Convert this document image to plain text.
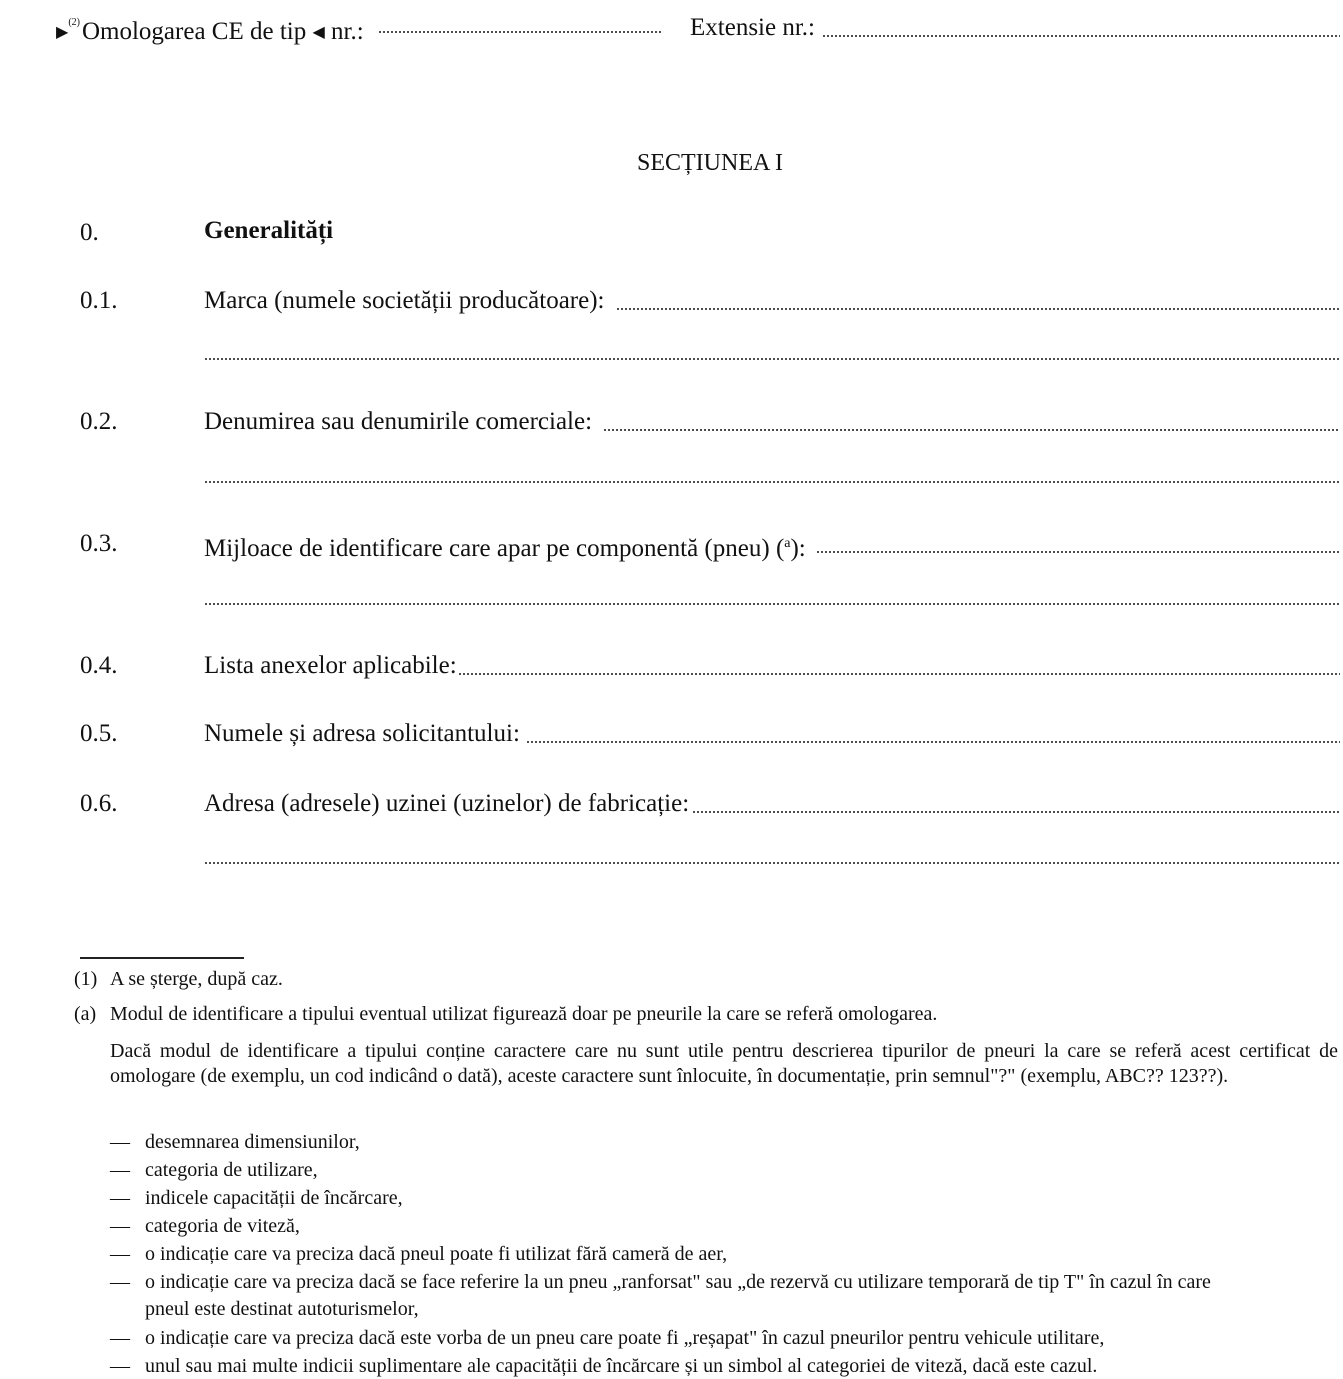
▶$^{(2)}$Omologarea CE de tip ◀ nr.:	Extensie nr.:
SECȚIUNEA I
0.	Generalități
0.1.	Marca (numele societății producătoare):
0.2.	Denumirea sau denumirile comerciale:
0.3.	Mijloace de identificare care apar pe componentă (pneu) ($^a$):
0.4.	Lista anexelor aplicabile:
0.5.	Numele și adresa solicitantului:
0.6.	Adresa (adresele) uzinei (uzinelor) de fabricație:
(1) A se șterge, după caz.
(a) Modul de identificare a tipului eventual utilizat figurează doar pe pneurile la care se referă omologarea.
Dacă modul de identificare a tipului conține caractere care nu sunt utile pentru descrierea tipurilor de pneuri la care se referă acest certificat de omologare (de exemplu, un cod indicând o dată), aceste caractere sunt înlocuite, în documentație, prin semnul"?" (exemplu, ABC?? 123??).
— desemnarea dimensiunilor,
— categoria de utilizare,
— indicele capacității de încărcare,
— categoria de viteză,
— o indicație care va preciza dacă pneul poate fi utilizat fără cameră de aer,
— o indicație care va preciza dacă se face referire la un pneu „ranforsat" sau „de rezervă cu utilizare temporară de tip T" în cazul în care
pneul este destinat autoturismelor,
— o indicație care va preciza dacă este vorba de un pneu care poate fi „reșapat" în cazul pneurilor pentru vehicule utilitare,
— unul sau mai multe indicii suplimentare ale capacității de încărcare și un simbol al categoriei de viteză, dacă este cazul.
